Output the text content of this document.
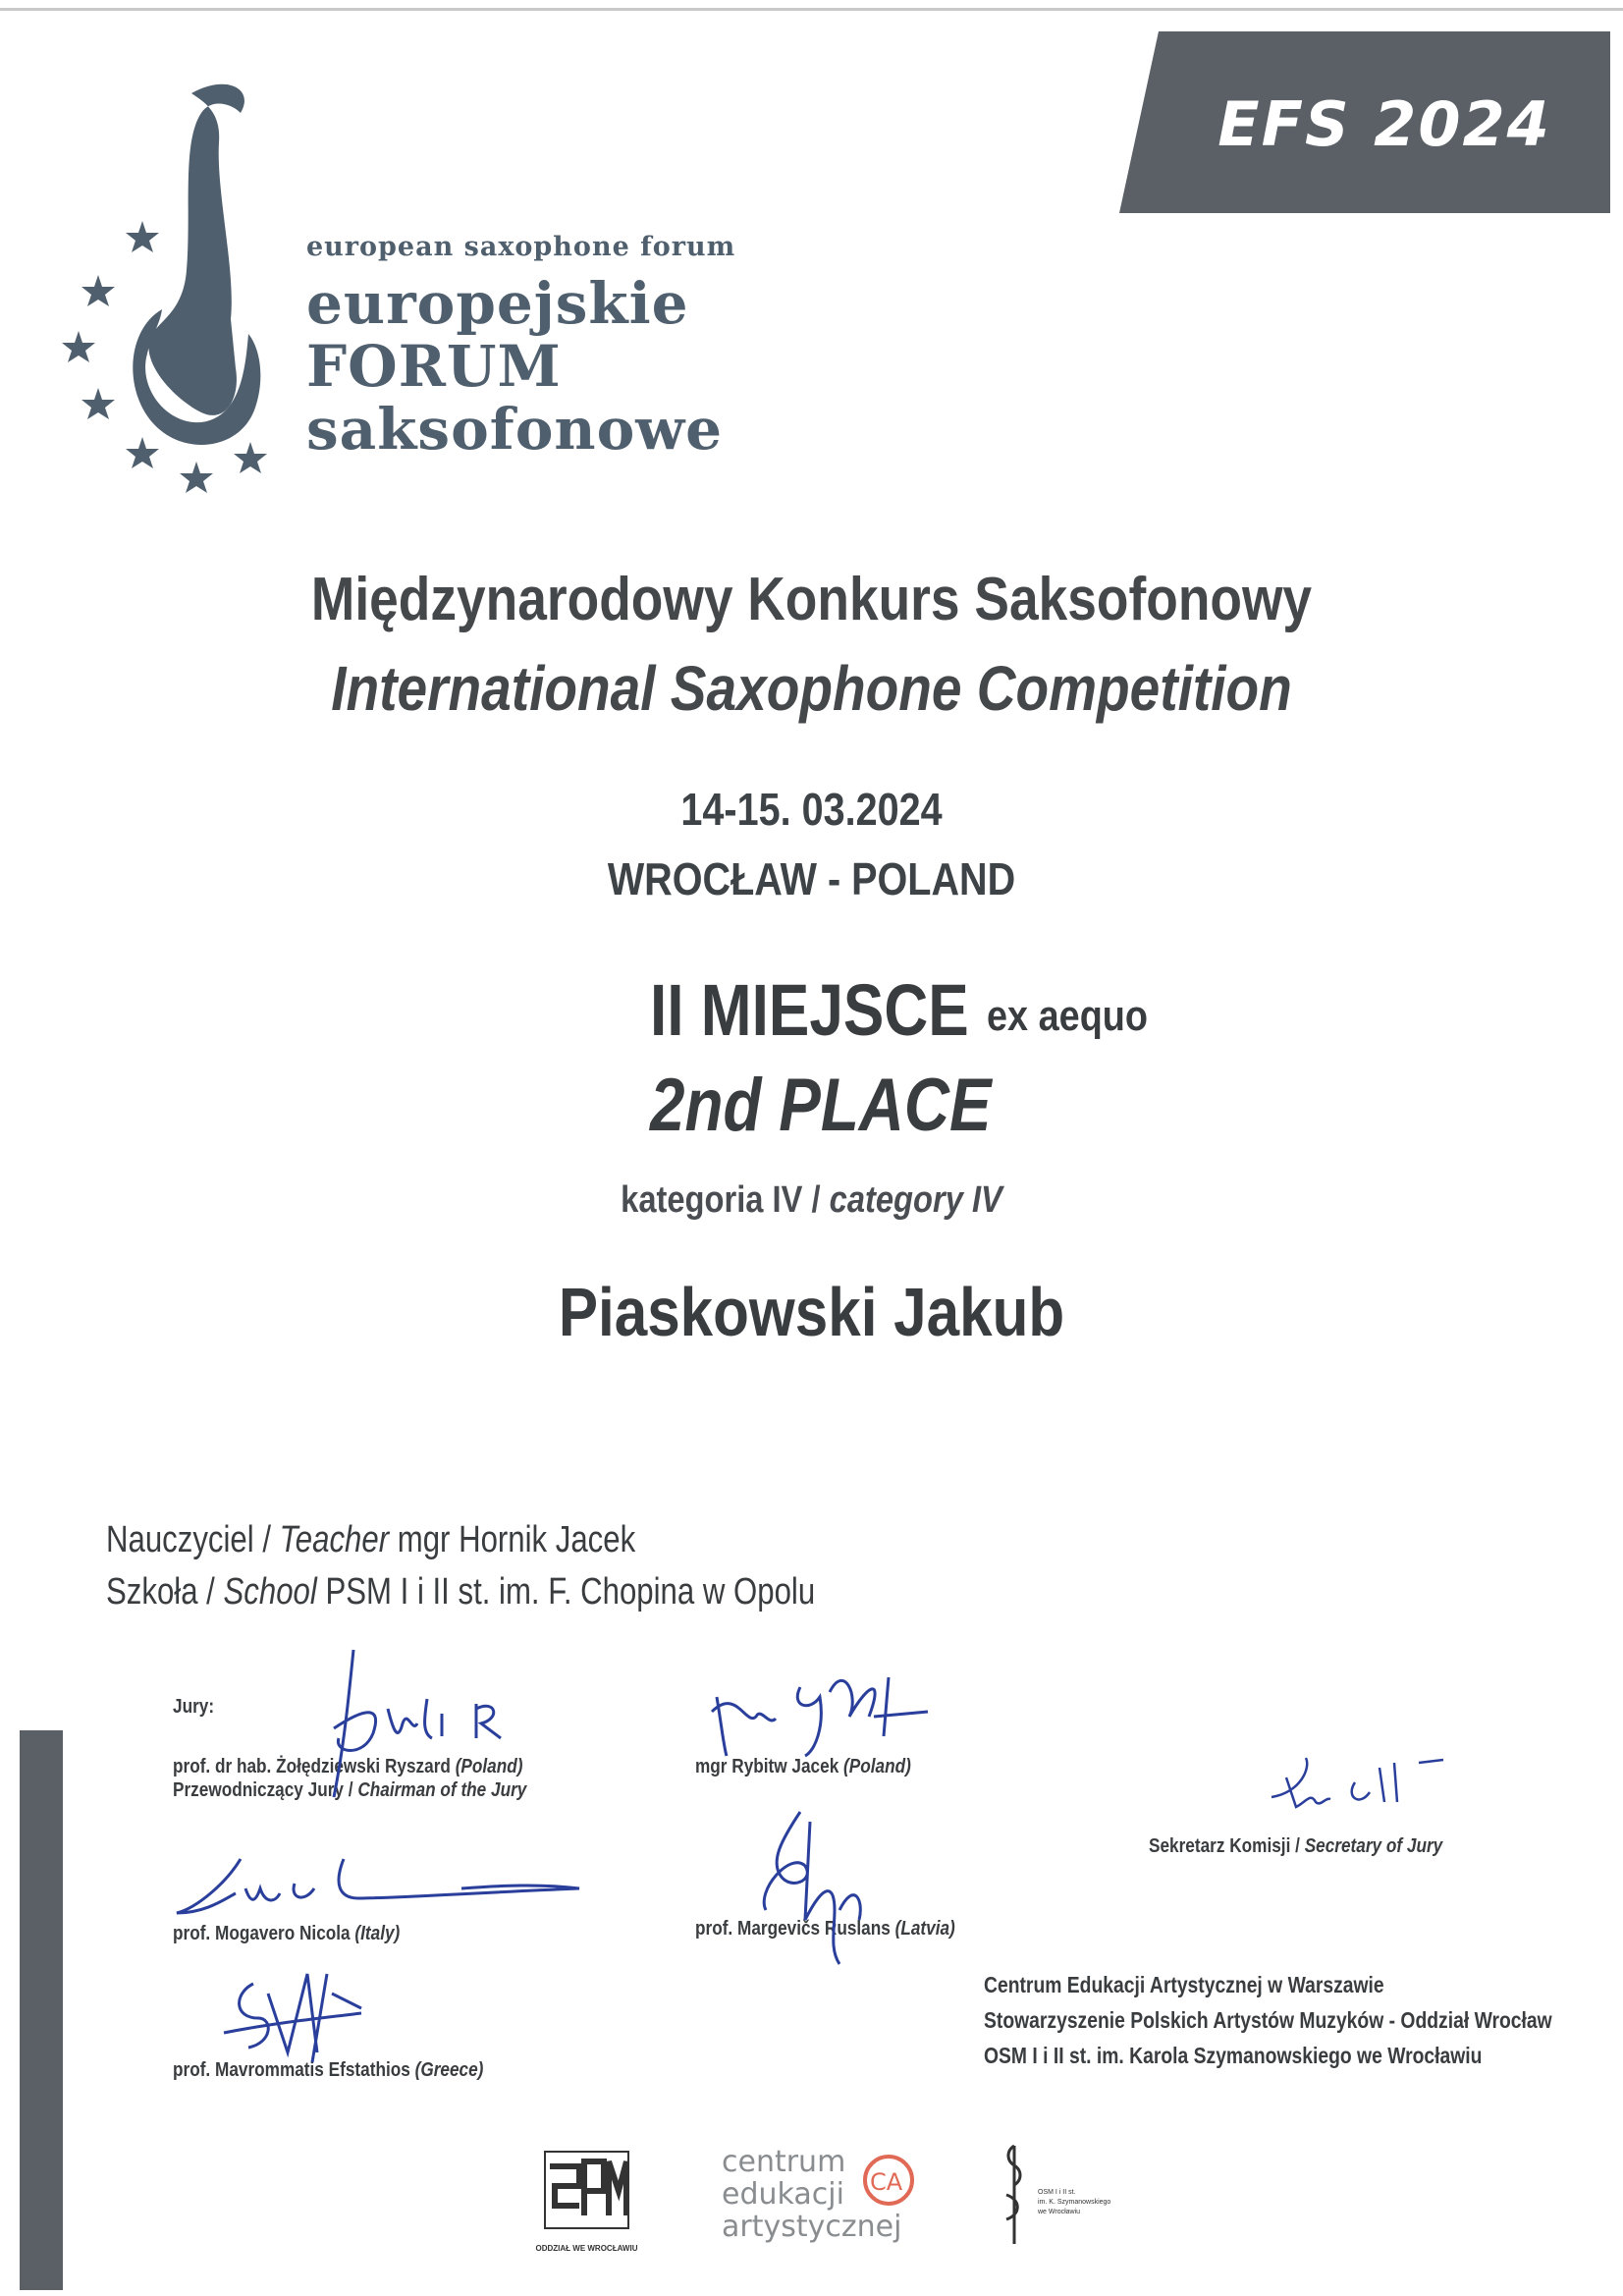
EFS 2024
european saxophone forum
europejskie
FORUM
saksofonowe
Międzynarodowy Konkurs Saksofonowy
International Saxophone Competition
14-15. 03.2024
WROCŁAW - POLAND
II MIEJSCE ex aequo
2nd PLACE
kategoria IV / category IV
Piaskowski Jakub
Nauczyciel / Teacher mgr Hornik Jacek
Szkoła / School PSM I i II st. im. F. Chopina w Opolu
Jury:
prof. dr hab. Żołędziewski Ryszard (Poland)
Przewodniczący Jury / Chairman of the Jury
mgr Rybitw Jacek (Poland)
prof. Mogavero Nicola (Italy)	prof. Margevičs Ruslans (Latvia)
prof. Mavrommatis Efstathios (Greece)
Sekretarz Komisji / Secretary of Jury
Centrum Edukacji Artystycznej w Warszawie
Stowarzyszenie Polskich Artystów Muzyków - Oddział Wrocław
OSM I i II st. im. Karola Szymanowskiego we Wrocławiu
ODDZIAŁ WE WROCŁAWIU
centrum
edukacji
artystycznej
CA	OSM I i II st.
im. K. Szymanowskiego
we Wrocławiu
